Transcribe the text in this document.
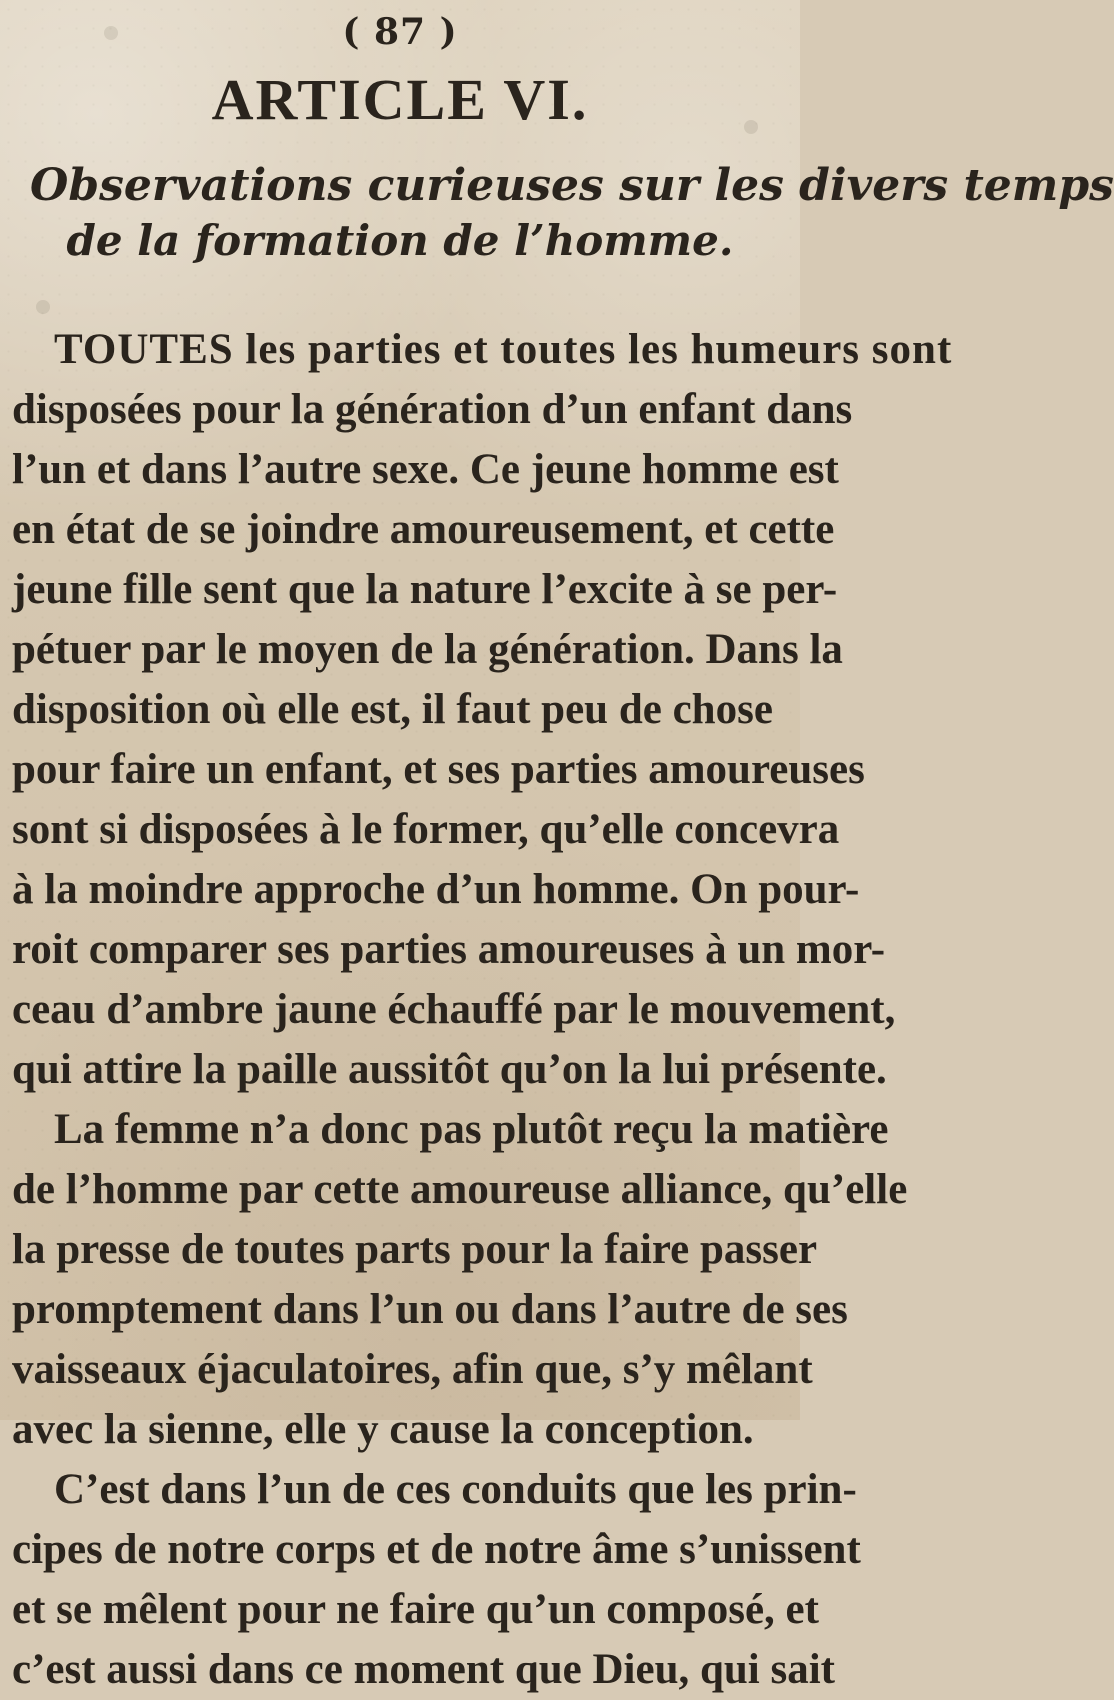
( 87 )
ARTICLE VI.
Observations curieuses sur les divers temps
de la formation de l’homme.
TOUTES les parties et toutes les humeurs sont
disposées pour la génération d’un enfant dans
l’un et dans l’autre sexe. Ce jeune homme est
en état de se joindre amoureusement, et cette
jeune fille sent que la nature l’excite à se per-
pétuer par le moyen de la génération. Dans la
disposition où elle est, il faut peu de chose
pour faire un enfant, et ses parties amoureuses
sont si disposées à le former, qu’elle concevra
à la moindre approche d’un homme. On pour-
roit comparer ses parties amoureuses à un mor-
ceau d’ambre jaune échauffé par le mouvement,
qui attire la paille aussitôt qu’on la lui présente.
La femme n’a donc pas plutôt reçu la matière
de l’homme par cette amoureuse alliance, qu’elle
la presse de toutes parts pour la faire passer
promptement dans l’un ou dans l’autre de ses
vaisseaux éjaculatoires, afin que, s’y mêlant
avec la sienne, elle y cause la conception.
C’est dans l’un de ces conduits que les prin-
cipes de notre corps et de notre âme s’unissent
et se mêlent pour ne faire qu’un composé, et
c’est aussi dans ce moment que Dieu, qui sait
